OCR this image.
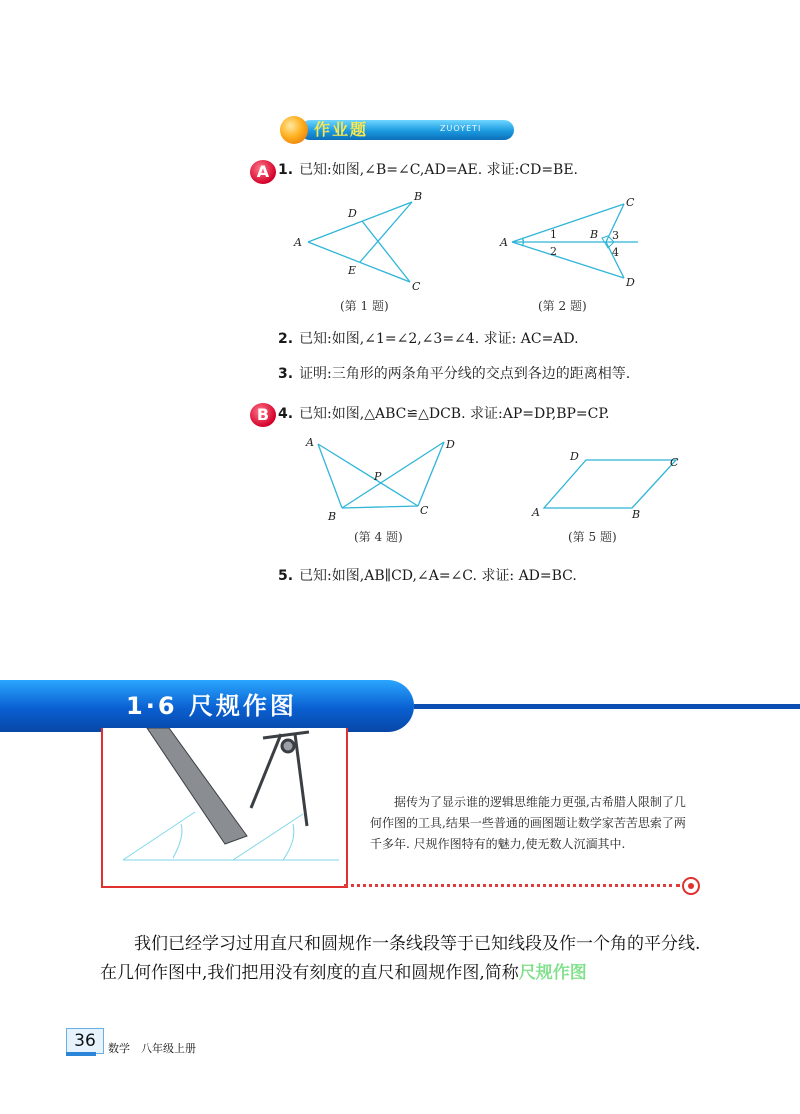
作业题	ZUOYETI
A 1. 已知:如图,∠B=∠C,AD=AE. 求证:CD=BE.
A
B
C
D
E
(第 1 题)
A
B
C
D
1
2
3
4
(第 2 题)
2. 已知:如图,∠1=∠2,∠3=∠4. 求证: AC=AD.
3. 证明:三角形的两条角平分线的交点到各边的距离相等.
B 4. 已知:如图,△ABC≌△DCB. 求证:AP=DP,BP=CP.
A
B	C
D
P
(第 4 题)
A	B
C
D
(第 5 题)
5. 已知:如图,AB∥CD,∠A=∠C. 求证: AD=BC.
1·6 尺规作图
据传为了显示谁的逻辑思维能力更强,古希腊人限制了几何作图的工具,结果一些普通的画图题让数学家苦苦思索了两千多年. 尺规作图特有的魅力,使无数人沉湎其中.
我们已经学习过用直尺和圆规作一条线段等于已知线段及作一个角的平分线. 在几何作图中,我们把用没有刻度的直尺和圆规作图,简称尺规作图
36	数学　八年级上册
